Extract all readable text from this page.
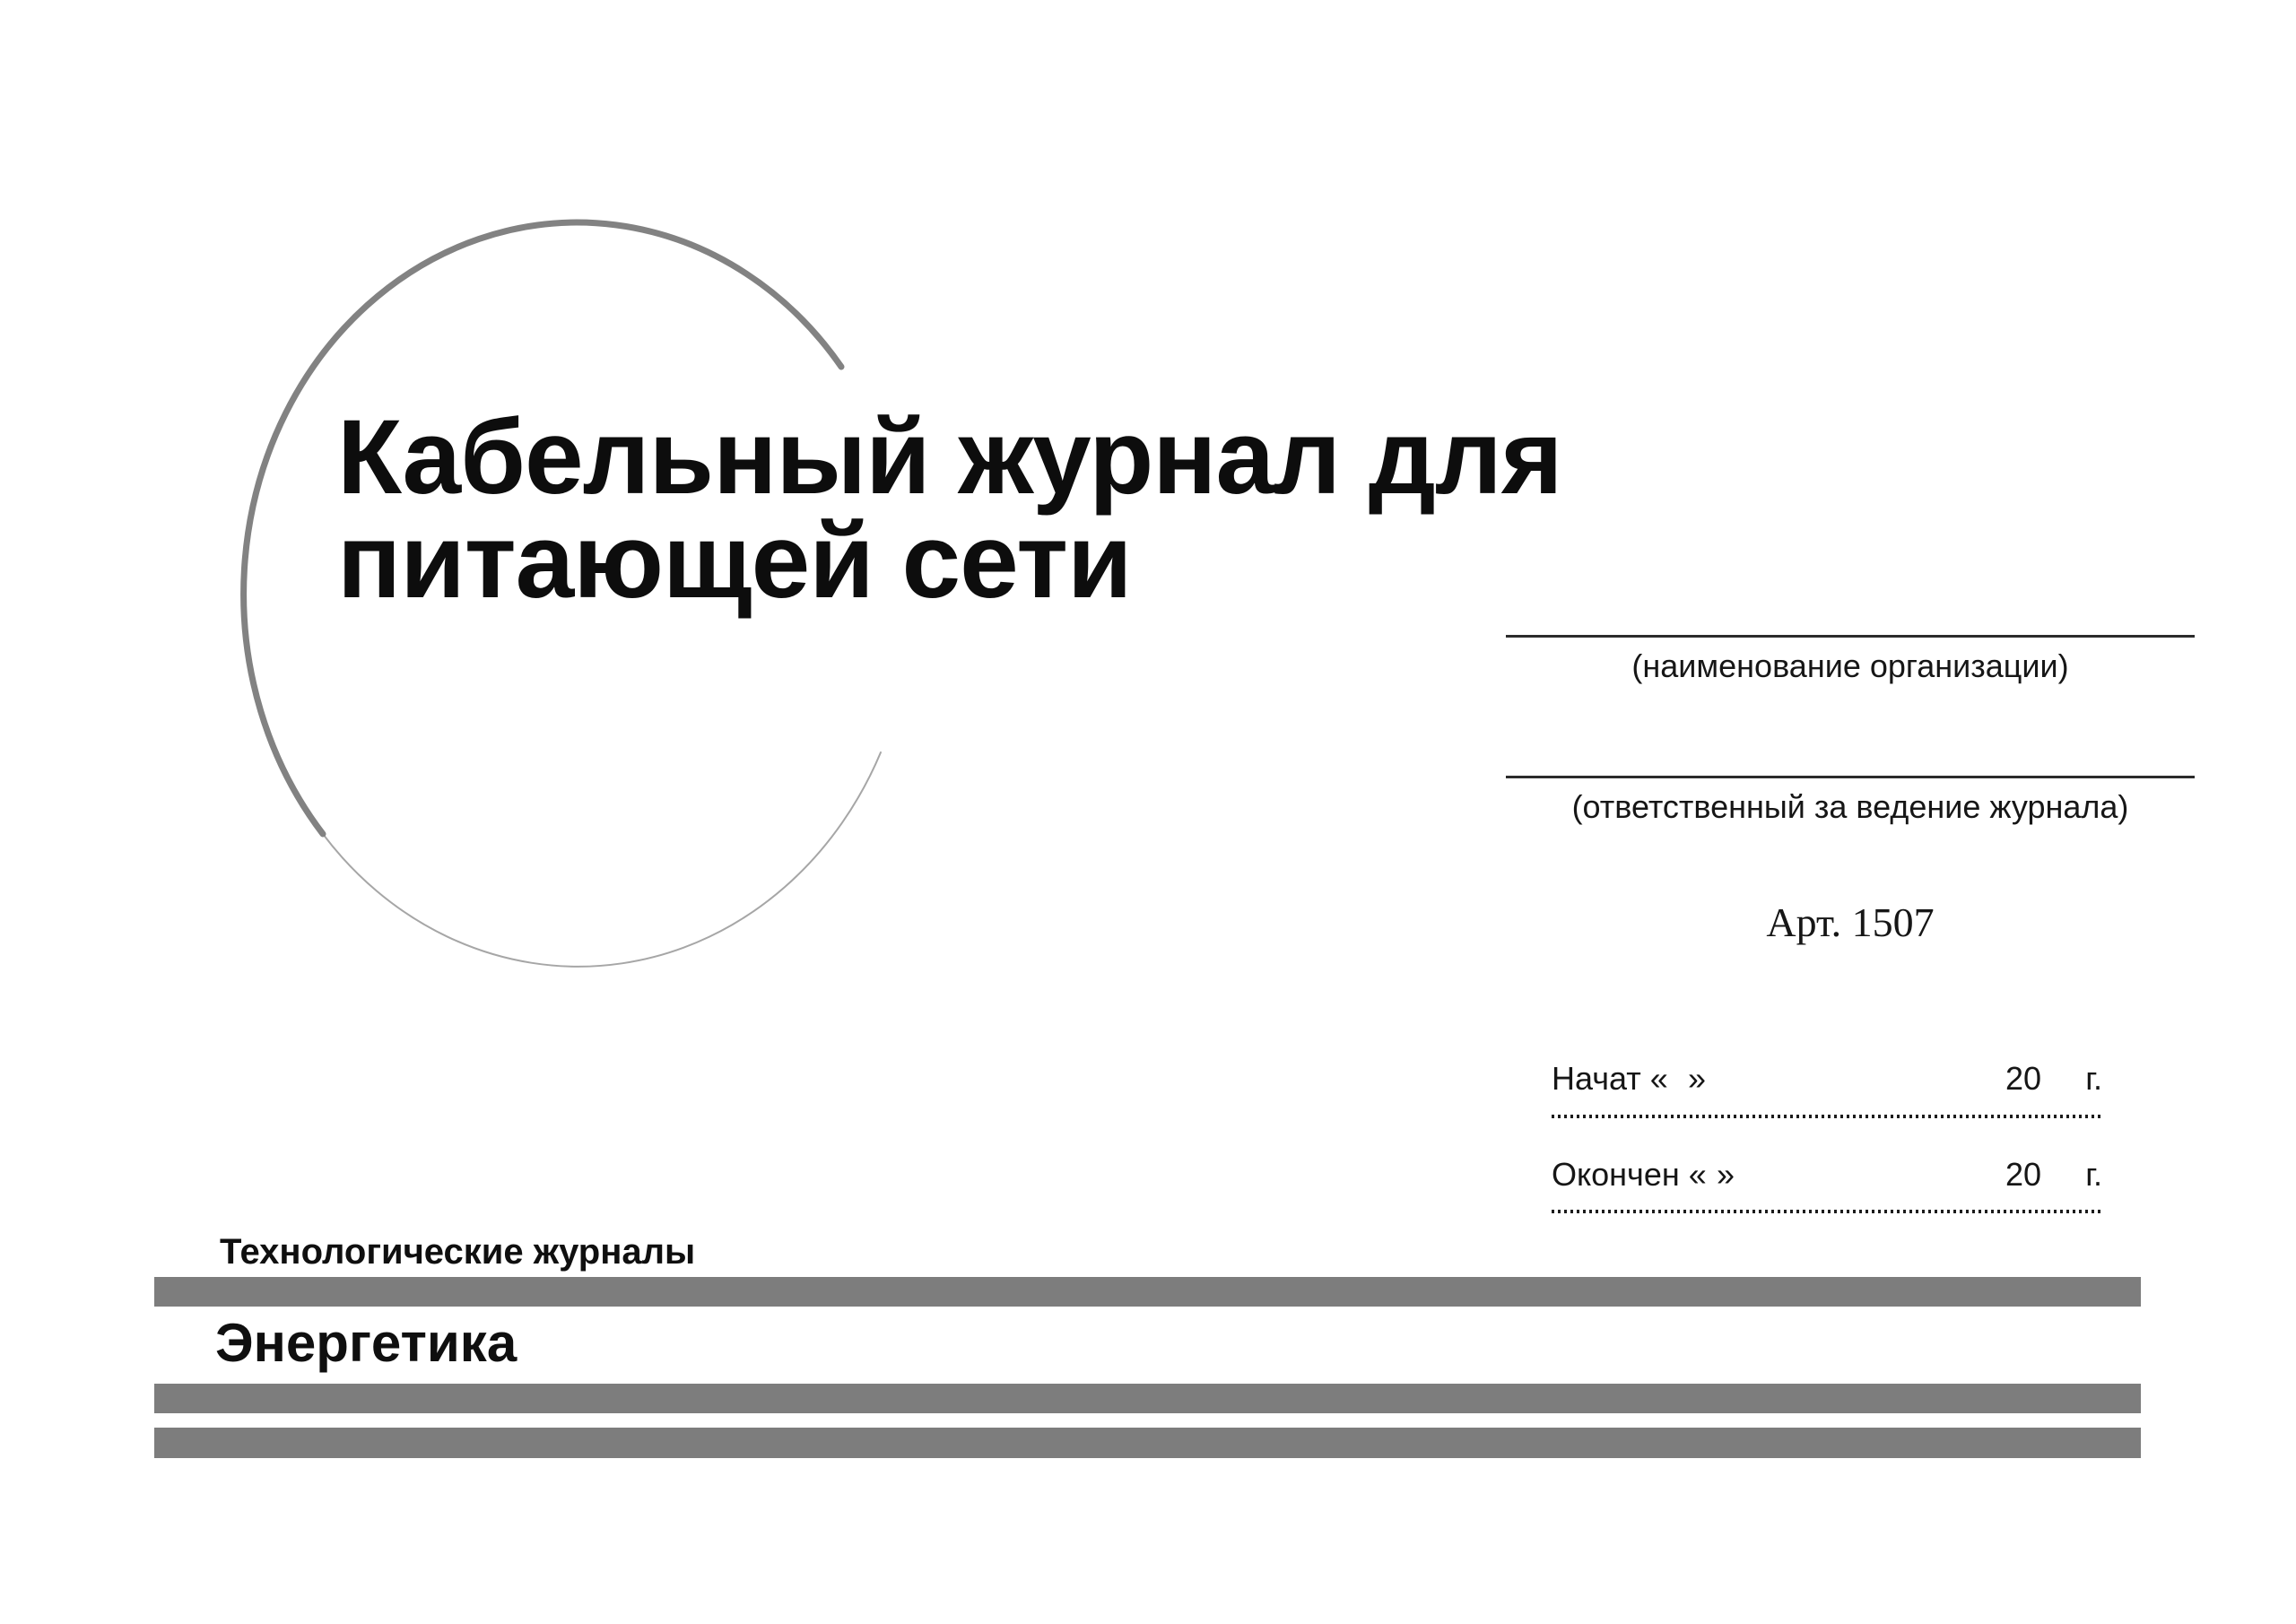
Кабельный журнал для питающей сети
(наименование организации)
(ответственный за ведение журнала)
Арт. 1507
Начат « »	20 г.
Окончен « »	20 г.
Технологические журналы
Энергетика
